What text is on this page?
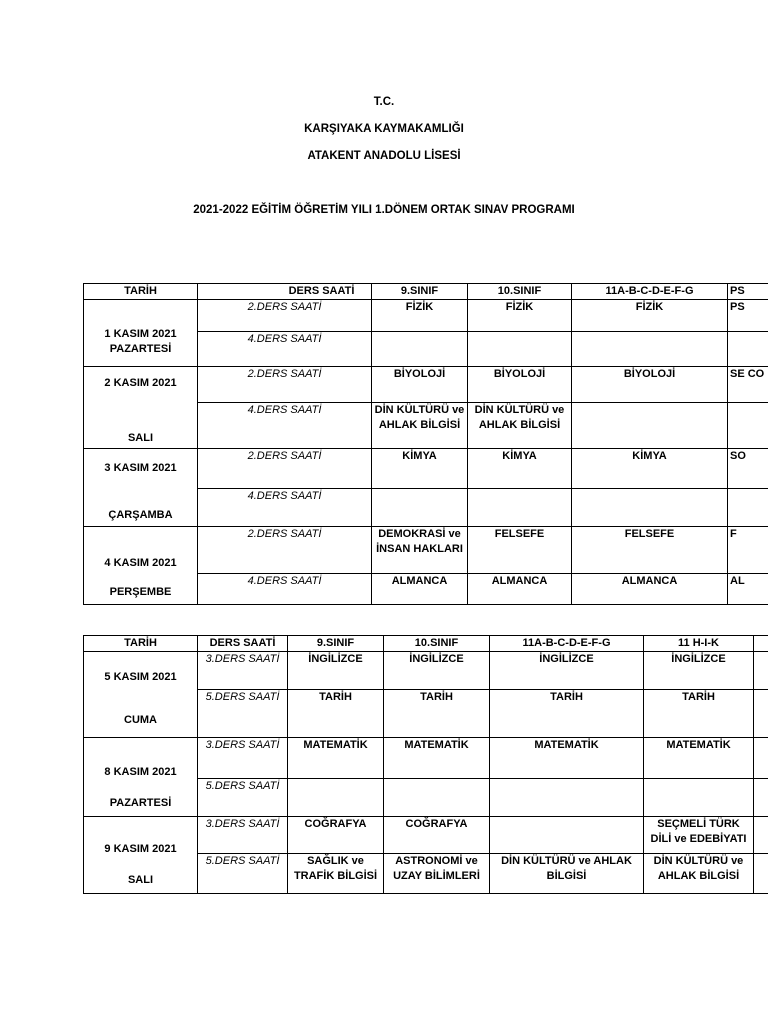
T.C.
KARŞIYAKA KAYMAKAMLIĞI
ATAKENT ANADOLU LİSESİ
2021-2022 EĞİTİM ÖĞRETİM YILI 1.DÖNEM ORTAK SINAV PROGRAMI
TARİH	DERS SAATİ	9.SINIF	10.SINIF	11A-B-C-D-E-F-G	PS

1 KASIM 2021
PAZARTESİ	2.DERS SAATİ	FİZİK	FİZİK	FİZİK	PS
	4.DERS SAATİ				

2 KASIM 2021
SALI	2.DERS SAATİ	BİYOLOJİ	BİYOLOJİ	BİYOLOJİ	SE CO
	4.DERS SAATİ	DİN KÜLTÜRÜ ve AHLAK BİLGİSİ	DİN KÜLTÜRÜ ve AHLAK BİLGİSİ		

3 KASIM 2021
ÇARŞAMBA	2.DERS SAATİ	KİMYA	KİMYA	KİMYA	SO
	4.DERS SAATİ				

4 KASIM 2021
PERŞEMBE	2.DERS SAATİ	DEMOKRASİ ve İNSAN HAKLARI	FELSEFE	FELSEFE	F
	4.DERS SAATİ	ALMANCA	ALMANCA	ALMANCA	AL
TARİH	DERS SAATİ	9.SINIF	10.SINIF	11A-B-C-D-E-F-G	11 H-I-K	

5 KASIM 2021
CUMA	3.DERS SAATİ	İNGİLİZCE	İNGİLİZCE	İNGİLİZCE	İNGİLİZCE	
	5.DERS SAATİ	TARİH	TARİH	TARİH	TARİH	

8 KASIM 2021
PAZARTESİ	3.DERS SAATİ	MATEMATİK	MATEMATİK	MATEMATİK	MATEMATİK	
	5.DERS SAATİ					

9 KASIM 2021
SALI	3.DERS SAATİ	COĞRAFYA	COĞRAFYA		SEÇMELİ TÜRK DİLİ ve EDEBİYATI	
	5.DERS SAATİ	SAĞLIK ve TRAFİK BİLGİSİ	ASTRONOMİ ve UZAY BİLİMLERİ	DİN KÜLTÜRÜ ve AHLAK BİLGİSİ	DİN KÜLTÜRÜ ve AHLAK BİLGİSİ	
